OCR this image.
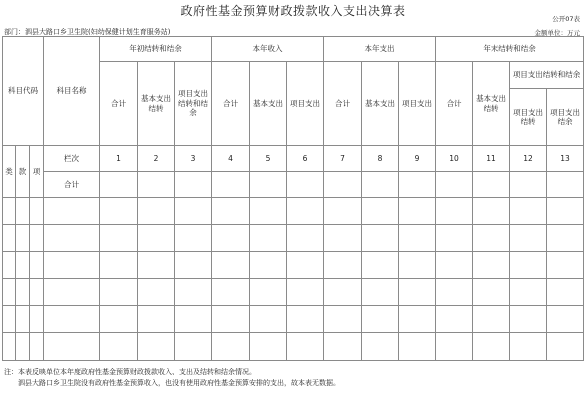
政府性基金预算财政拨款收入支出决算表
公开07表
部门：泗县大路口乡卫生院(妇幼保健计划生育服务站)	金额单位：万元
科目代码			科目名称	年初结转和结余			本年收入			本年支出			年末结转和结余			
				合计	基本支出结转	项目支出结转和结余	合计	基本支出	项目支出	合计	基本支出	项目支出	合计	基本支出结转	项目支出结转和结余	
															项目支出结转	项目支出结余
类	款	项	栏次	1	2	3	4	5	6	7	8	9	10	11	12	13
			合计													

注：本表反映单位本年度政府性基金预算财政拨款收入、支出及结转和结余情况。
泗县大路口乡卫生院没有政府性基金预算收入，也没有使用政府性基金预算安排的支出，故本表无数据。
